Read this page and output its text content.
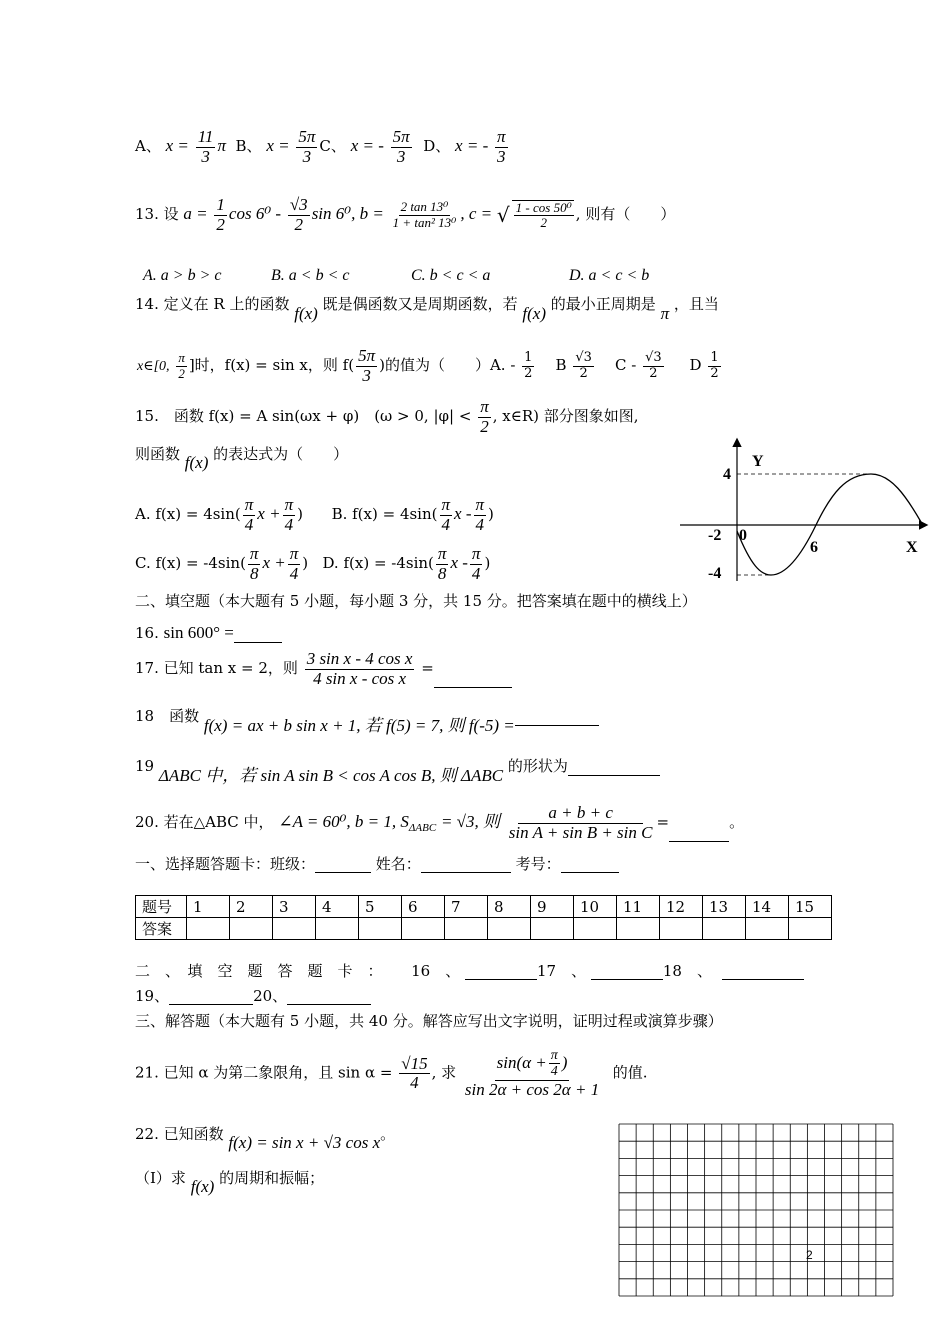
A、 $x = \frac{11}{3}$ π B、 $x = \frac{5\pi}{3}$ C、 x = - $\frac{5\pi}{3}$ D、 x = - $\frac{\pi}{3}$
13. 设 $a = \frac{1}{2}$ $\cos 6^0 - \frac{√3}{2}$ sin 6⁰, $b = \frac{\text{2 tan 13⁰}}{\text{1 + tan² 13⁰}}$ , c = √ $\frac{\text{1 - cos 50⁰}}{2}$ , 则有（　　）
A. a > b > c	B. a < b < c	C. b < c < a	D. a < c < b
14. 定义在 R 上的函数 f(x) 既是偶函数又是周期函数，若 f(x) 的最小正周期是 π ，且当
x∈[0, $\frac{\pi}{2}$ ]时，f(x) = sin x，则 $f( \frac{5\pi}{3}$ )的值为（　　）A. - $\frac{1}{2}$ B $\frac{√3}{2}$ C - $\frac{√3}{2}$ D $\frac{1}{2}$
15.　函数 f(x) = A sin(ωx + φ)　(ω > 0, $|\varphi| < \frac{\pi}{2}$ , x∈R) 部分图象如图,
则函数 f(x) 的表达式为（　　）
A. $f(x) = 4\sin( \frac{\pi}{4}$ $x + \frac{\pi}{4}$ ) B. $f(x) = 4\sin( \frac{\pi}{4}$ x - $\frac{\pi}{4}$ )
C. $f(x) = -4\sin( \frac{\pi}{8}$ $x + \frac{\pi}{4}$ ) D. $f(x) = -4\sin( \frac{\pi}{8}$ x - $\frac{\pi}{4}$ )
Y
X
4
-4
-2 0
6
二、填空题（本大题有 5 小题，每小题 3 分，共 15 分。把答案填在题中的横线上）
16. sin 600° =
17. 已知 tan x = 2，则 $\frac{\text{3 sin x - 4 cos x}}{\text{4 sin x - cos x}}$ =
18　函数 f(x) = ax + b sin x + 1, 若 f(5) = 7, 则 f(-5) =
19 ΔABC 中，若 sin A sin B < cos A cos B, 则 ΔABC 的形状为
20. 若在△ABC 中， ∠A = 60⁰, b = 1, $S_{\Delta ABC} = √3$, 则 $\frac{a + b + c}{\text{sin A + sin B + sin C}}$ =	。
一、选择题答题卡：班级：	姓名：	考号：
题号	1	2	3	4	5	6	7	8	9	10	11	12	13	14	15
答案															
二　、　填　空　题　答　题　卡　： 16　、	17　、	18　、
19、	20、
三、解答题（本大题有 5 小题，共 40 分。解答应写出文字说明，证明过程或演算步骤）
21. 已知 α 为第二象限角，且 $\sin \alpha = \frac{√15}{4}$ , 求 $\frac{\sin(\alpha + \frac{\pi}{4} )}{\sin 2\alpha + \cos 2\alpha + 1}$ 的值.
22. 已知函数 f(x) = sin x + √3 cos x。
（Ⅰ）求 f(x) 的周期和振幅；
2
